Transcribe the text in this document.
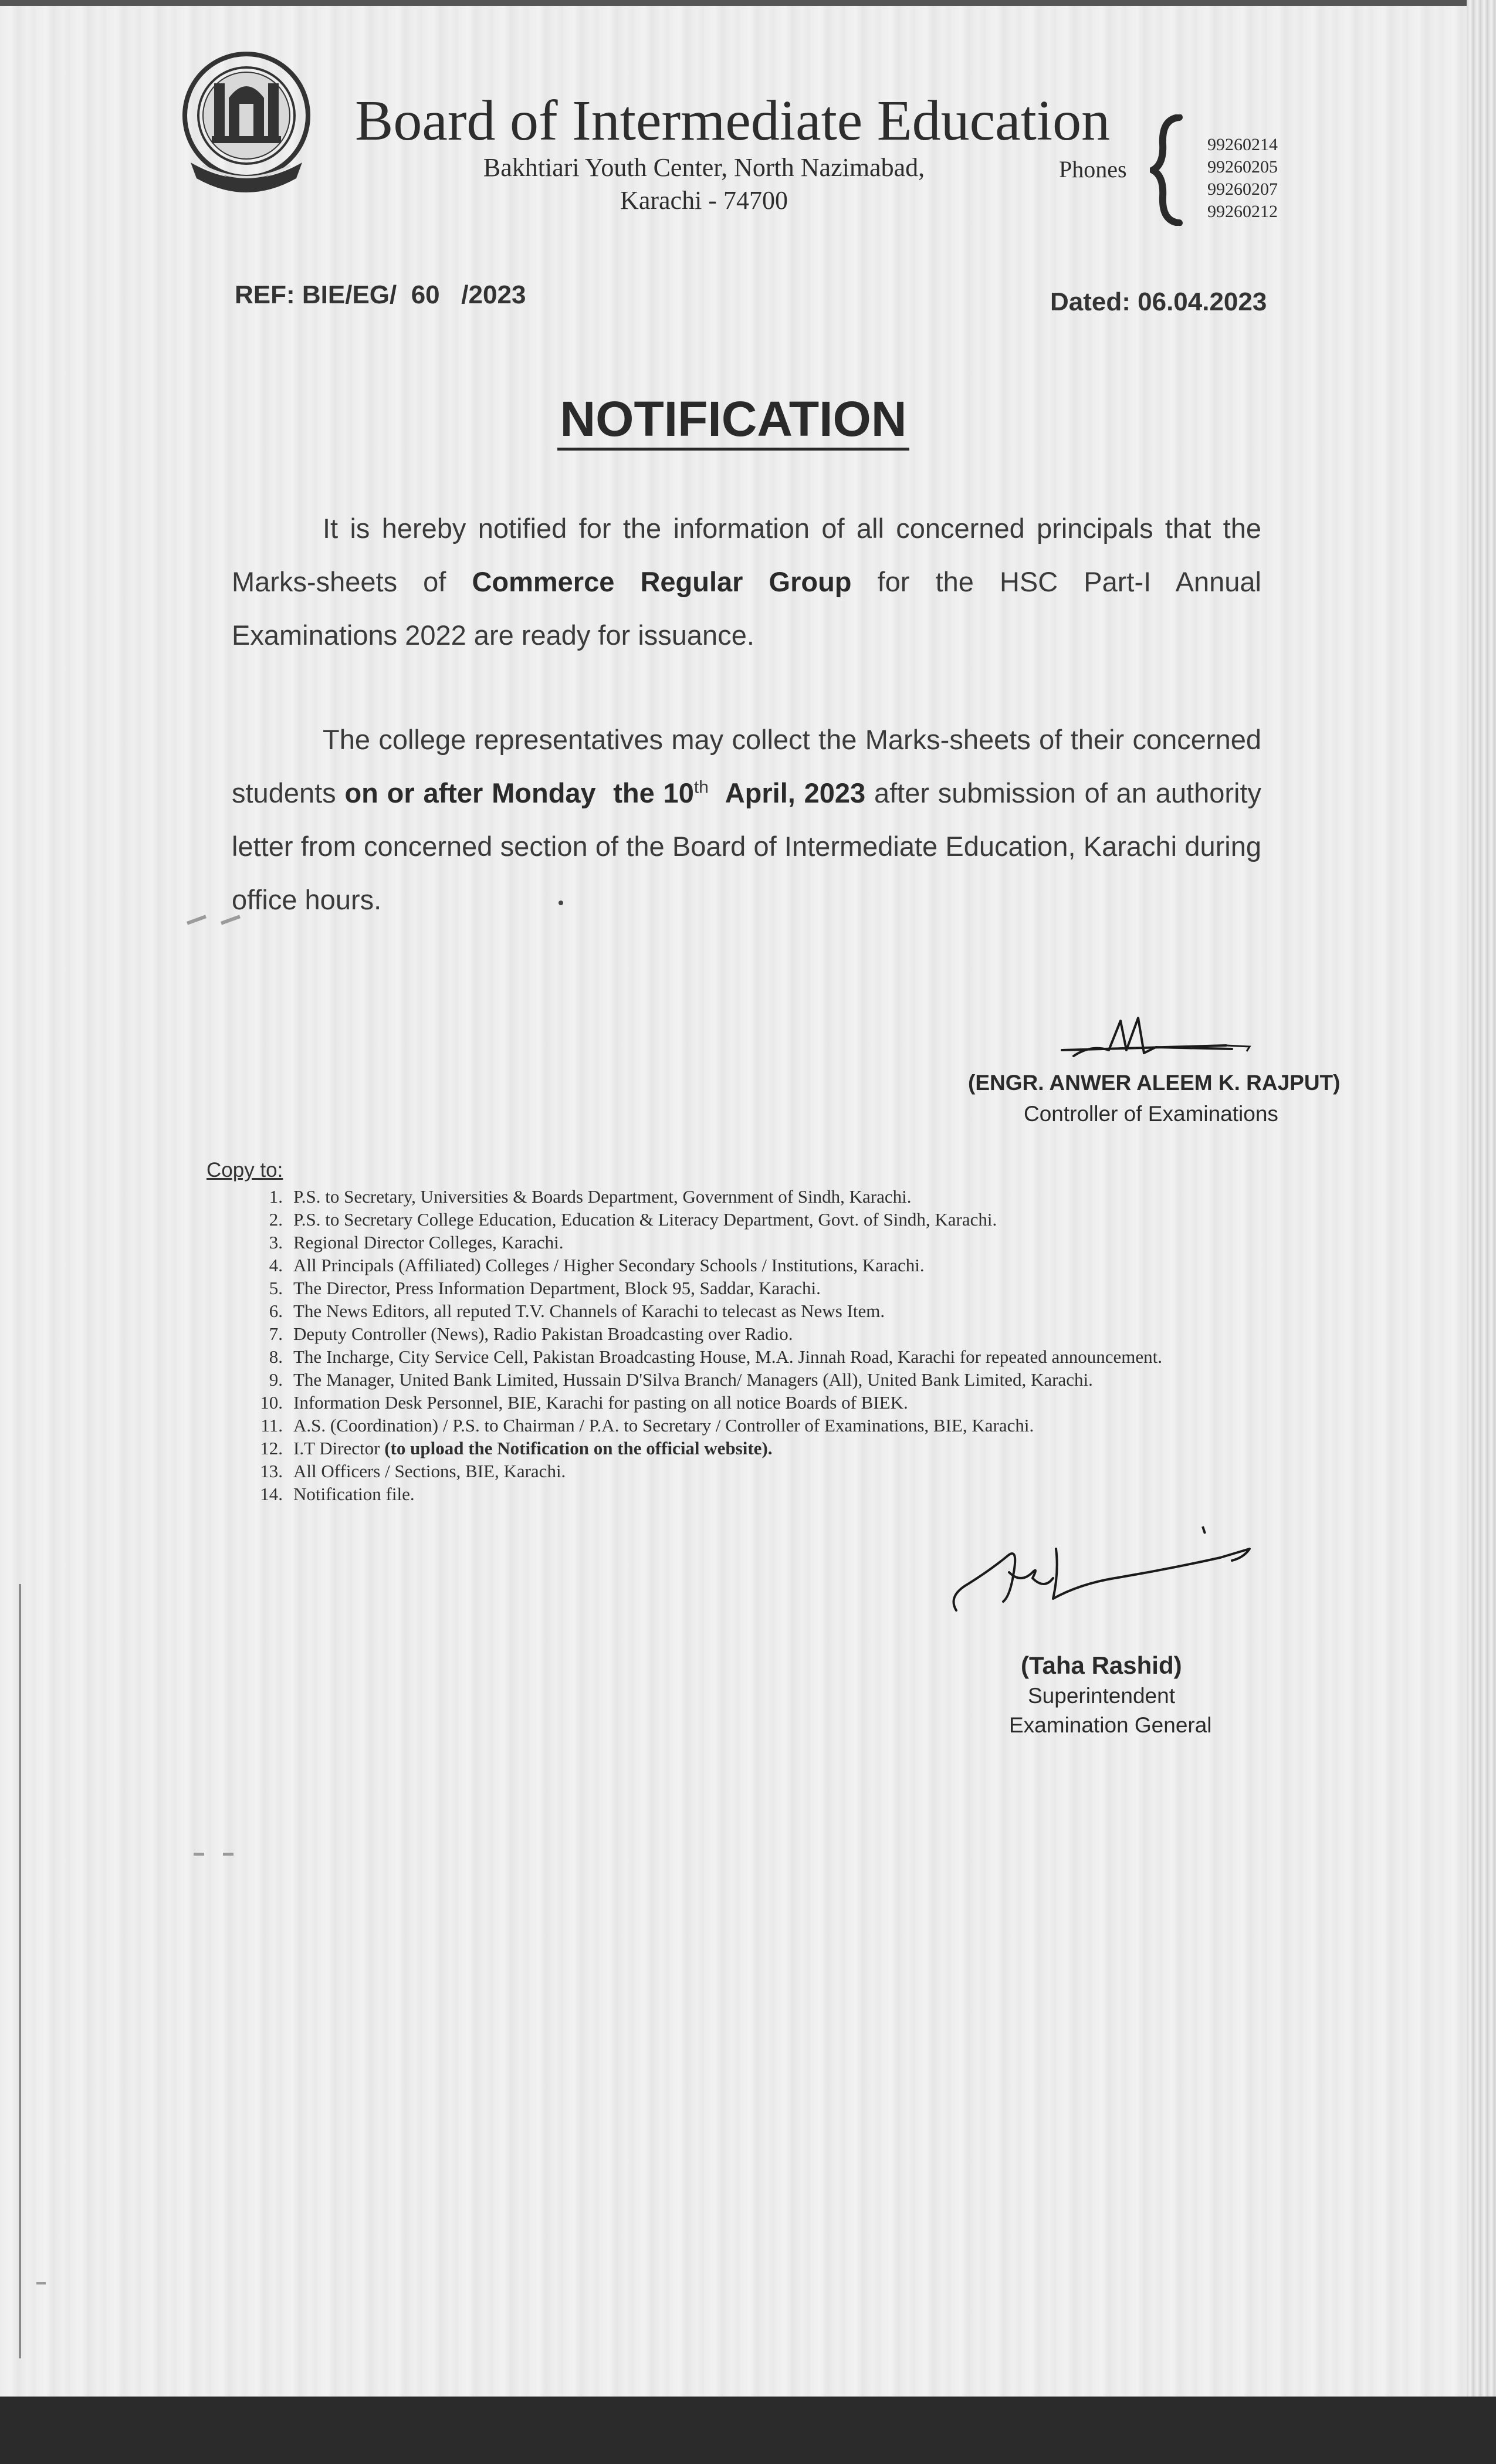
Board of Intermediate Education
Bakhtiari Youth Center, North Nazimabad,
Karachi - 74700
Phones
99260214
99260205
99260207
99260212
REF: BIE/EG/  60   /2023	Dated: 06.04.2023
NOTIFICATION
It is hereby notified for the information of all concerned principals that the Marks-sheets of Commerce Regular Group for the HSC Part-I Annual Examinations 2022 are ready for issuance.
The college representatives may collect the Marks-sheets of their concerned students on or after Monday  the 10th  April, 2023 after submission of an authority letter from concerned section of the Board of Intermediate Education, Karachi during office hours.
(ENGR. ANWER ALEEM K. RAJPUT)
Controller of Examinations
Copy to:
1. P.S. to Secretary, Universities & Boards Department, Government of Sindh, Karachi.
2. P.S. to Secretary College Education, Education & Literacy Department, Govt. of Sindh, Karachi.
3. Regional Director Colleges, Karachi.
4. All Principals (Affiliated) Colleges / Higher Secondary Schools / Institutions, Karachi.
5. The Director, Press Information Department, Block 95, Saddar, Karachi.
6. The News Editors, all reputed T.V. Channels of Karachi to telecast as News Item.
7. Deputy Controller (News), Radio Pakistan Broadcasting over Radio.
8. The Incharge, City Service Cell, Pakistan Broadcasting House, M.A. Jinnah Road, Karachi for repeated announcement.
9. The Manager, United Bank Limited, Hussain D'Silva Branch/ Managers (All), United Bank Limited, Karachi.
10. Information Desk Personnel, BIE, Karachi for pasting on all notice Boards of BIEK.
11. A.S. (Coordination) / P.S. to Chairman / P.A. to Secretary / Controller of Examinations, BIE, Karachi.
12. I.T Director (to upload the Notification on the official website).
13. All Officers / Sections, BIE, Karachi.
14. Notification file.
(Taha Rashid)
Superintendent
Examination General
